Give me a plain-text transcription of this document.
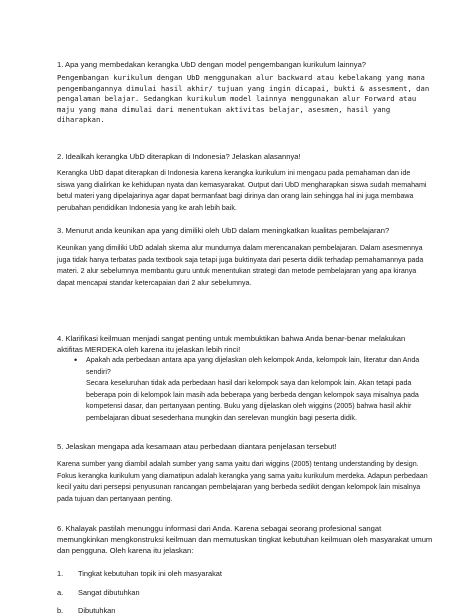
1. Apa yang membedakan kerangka UbD dengan model pengembangan kurikulum lainnya?

Pengembangan kurikulum dengan UbD menggunakan alur backward atau kebelakang yang mana pengembangannya dimulai hasil akhir/ tujuan yang ingin dicapai, bukti & assesment, dan pengalaman belajar. Sedangkan kurikulum model lainnya menggunakan alur Forward atau maju yang mana dimulai dari menentukan aktivitas belajar, asesmen, hasil yang diharapkan.

2. Idealkah kerangka UbD diterapkan di Indonesia? Jelaskan alasannya!

Kerangka UbD dapat diterapkan di Indonesia karena kerangka kurikulum ini mengacu pada pemahaman dan ide siswa yang dialirkan ke kehidupan nyata dan kemasyarakat. Output dari UbD mengharapkan siswa sudah memahami betul materi yang dipelajarinya agar dapat bermanfaat bagi dirinya dan orang lain sehingga hal ini juga membawa perubahan pendidikan Indonesia yang ke arah lebih baik.

3. Menurut anda keunikan apa yang dimiliki oleh UbD dalam meningkatkan kualitas pembelajaran?

Keunikan yang dimiliki UbD adalah skema alur mundurnya dalam merencanakan pembelajaran. Dalam asesmennya juga tidak hanya terbatas pada textbook saja tetapi juga buktinyata dari peserta didik terhadap pemahamannya pada materi. 2 alur sebelumnya membantu guru untuk menentukan strategi dan metode pembelajaran yang apa kiranya dapat mencapai standar ketercapaian dari 2 alur sebelumnya.

4. Klarifikasi keilmuan menjadi sangat penting untuk membuktikan bahwa Anda benar-benar melakukan aktifitas MERDEKA oleh karena itu jelaskan lebih rinci!

• Apakah ada perbedaan antara apa yang dijelaskan oleh kelompok Anda, kelompok lain, literatur dan Anda sendiri?

Secara keseluruhan tidak ada perbedaan hasil dari kelompok saya dan kelompok lain. Akan tetapi pada beberapa poin di kelompok lain masih ada beberapa yang berbeda dengan kelompok saya misalnya pada kompetensi dasar, dan pertanyaan penting. Buku yang dijelaskan oleh wiggins (2005) bahwa hasil akhir pembelajaran dibuat sesederhana mungkin dan serelevan mungkin bagi peserta didik.

5. Jelaskan mengapa ada kesamaan atau perbedaan diantara penjelasan tersebut!

Karena sumber yang diambil adalah sumber yang sama yaitu dari wiggins (2005) tentang understanding by design. Fokus kerangka kurikulum yang diamatipun adalah kerangka yang sama yaitu kurikulum merdeka. Adapun perbedaan kecil yaitu dari persepsi penyusunan rancangan pembelajaran yang berbeda sedikit dengan kelompok lain misalnya pada tujuan dan pertanyaan penting.

6. Khalayak pastilah menunggu informasi dari Anda. Karena sebagai seorang profesional sangat memungkinkan mengkonstruksi keilmuan dan memutuskan tingkat kebutuhan keilmuan oleh masyarakat umum dan pengguna. Oleh karena itu jelaskan:

1. Tingkat kebutuhan topik ini oleh masyarakat
a. Sangat dibutuhkan
b. Dibutuhkan
